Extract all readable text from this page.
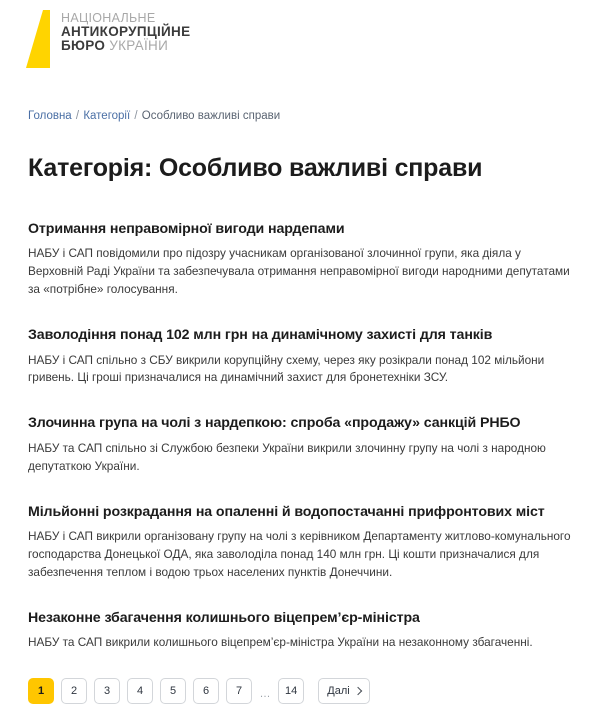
НАЦІОНАЛЬНЕ
АНТИКОРУПЦІЙНЕ
БЮРО УКРАЇНИ
Головна / Категорії / Особливо важливі справи
Категорія: Особливо важливі справи
Отримання неправомірної вигоди нардепами

НАБУ і САП повідомили про підозру учасникам організованої злочинної групи, яка діяла у Верховній Раді України та забезпечувала отримання неправомірної вигоди народними депутатами за «потрібне» голосування.

Заволодіння понад 102 млн грн на динамічному захисті для танків

НАБУ і САП спільно з СБУ викрили корупційну схему, через яку розікрали понад 102 мільйони гривень. Ці гроші призначалися на динамічний захист для бронетехніки ЗСУ.

Злочинна група на чолі з нардепкою: спроба «продажу» санкцій РНБО

НАБУ та САП спільно зі Службою безпеки України викрили злочинну групу на чолі з народною депутаткою України.

Мільйонні розкрадання на опаленні й водопостачанні прифронтових міст

НАБУ і САП викрили організовану групу на чолі з керівником Департаменту житлово-комунального господарства Донецької ОДА, яка заволоділа понад 140 млн грн. Ці кошти призначалися для забезпечення теплом і водою трьох населених пунктів Донеччини.

Незаконне збагачення колишнього віцепрем’єр-міністра

НАБУ та САП викрили колишнього віцепрем’єр-міністра України на незаконному збагаченні.

1	2	3	4	5	6	7	…	14	Далі
